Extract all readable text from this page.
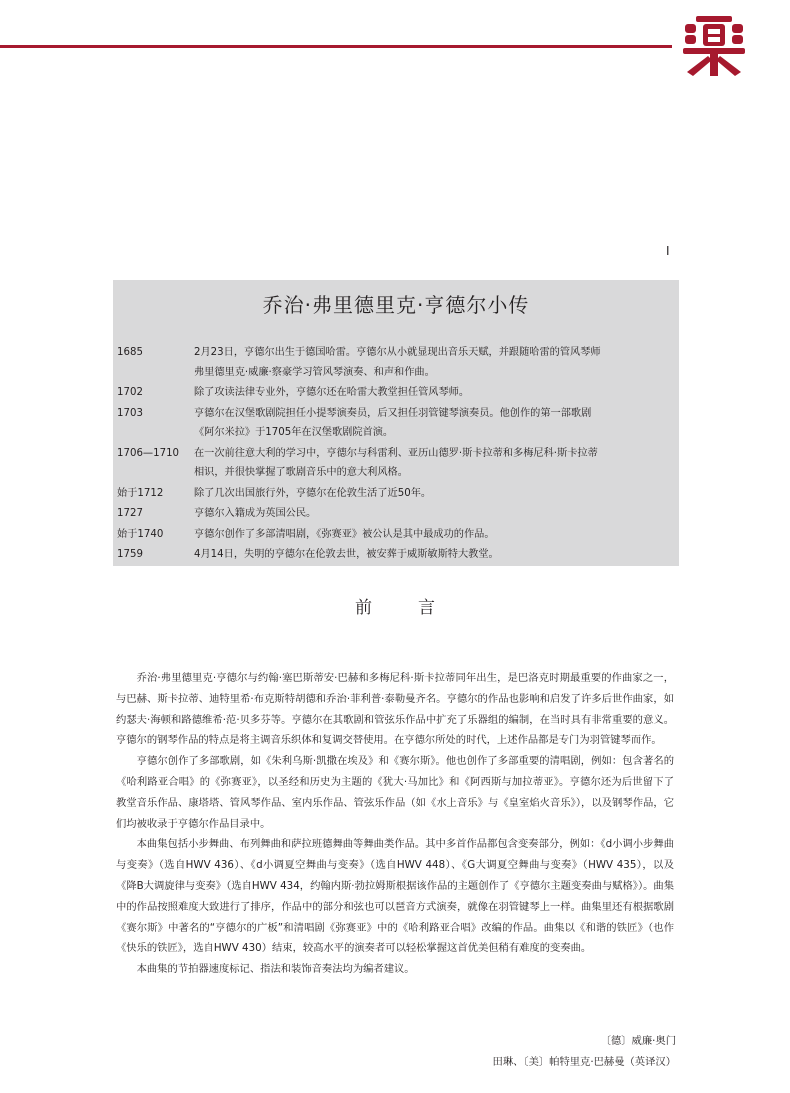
I
乔治·弗里德里克·亨德尔小传
1685	2月23日，亨德尔出生于德国哈雷。亨德尔从小就显现出音乐天赋，并跟随哈雷的管风琴师弗里德里克·威廉·察豪学习管风琴演奏、和声和作曲。
1702	除了攻读法律专业外，亨德尔还在哈雷大教堂担任管风琴师。
1703	亨德尔在汉堡歌剧院担任小提琴演奏员，后又担任羽管键琴演奏员。他创作的第一部歌剧《阿尔米拉》于1705年在汉堡歌剧院首演。
1706—1710	在一次前往意大利的学习中，亨德尔与科雷利、亚历山德罗·斯卡拉蒂和多梅尼科·斯卡拉蒂相识，并很快掌握了歌剧音乐中的意大利风格。
始于1712	除了几次出国旅行外，亨德尔在伦敦生活了近50年。
1727	亨德尔入籍成为英国公民。
始于1740	亨德尔创作了多部清唱剧，《弥赛亚》被公认是其中最成功的作品。
1759	4月14日，失明的亨德尔在伦敦去世，被安葬于威斯敏斯特大教堂。
前	言

乔治·弗里德里克·亨德尔与约翰·塞巴斯蒂安·巴赫和多梅尼科·斯卡拉蒂同年出生，是巴洛克时期最重要的作曲家之一，与巴赫、斯卡拉蒂、迪特里希·布克斯特胡德和乔治·菲利普·泰勒曼齐名。亨德尔的作品也影响和启发了许多后世作曲家，如约瑟夫·海顿和路德维希·范·贝多芬等。亨德尔在其歌剧和管弦乐作品中扩充了乐器组的编制，在当时具有非常重要的意义。亨德尔的钢琴作品的特点是将主调音乐织体和复调交替使用。在亨德尔所处的时代，上述作品都是专门为羽管键琴而作。

亨德尔创作了多部歌剧，如《朱利乌斯·凯撒在埃及》和《赛尔斯》。他也创作了多部重要的清唱剧，例如：包含著名的《哈利路亚合唱》的《弥赛亚》，以圣经和历史为主题的《犹大·马加比》和《阿西斯与加拉蒂亚》。亨德尔还为后世留下了教堂音乐作品、康塔塔、管风琴作品、室内乐作品、管弦乐作品（如《水上音乐》与《皇室焰火音乐》），以及钢琴作品，它们均被收录于亨德尔作品目录中。

本曲集包括小步舞曲、布列舞曲和萨拉班德舞曲等舞曲类作品。其中多首作品都包含变奏部分，例如：《d小调小步舞曲与变奏》（选自HWV 436）、《d小调夏空舞曲与变奏》（选自HWV 448）、《G大调夏空舞曲与变奏》（HWV 435），以及《降B大调旋律与变奏》（选自HWV 434，约翰内斯·勃拉姆斯根据该作品的主题创作了《亨德尔主题变奏曲与赋格》）。曲集中的作品按照难度大致进行了排序，作品中的部分和弦也可以琶音方式演奏，就像在羽管键琴上一样。曲集里还有根据歌剧《赛尔斯》中著名的“亨德尔的广板”和清唱剧《弥赛亚》中的《哈利路亚合唱》改编的作品。曲集以《和谐的铁匠》（也作《快乐的铁匠》，选自HWV 430）结束，较高水平的演奏者可以轻松掌握这首优美但稍有难度的变奏曲。

本曲集的节拍器速度标记、指法和装饰音奏法均为编者建议。

〔德〕威廉·奥门
田琳、〔美〕帕特里克·巴赫曼（英译汉）
